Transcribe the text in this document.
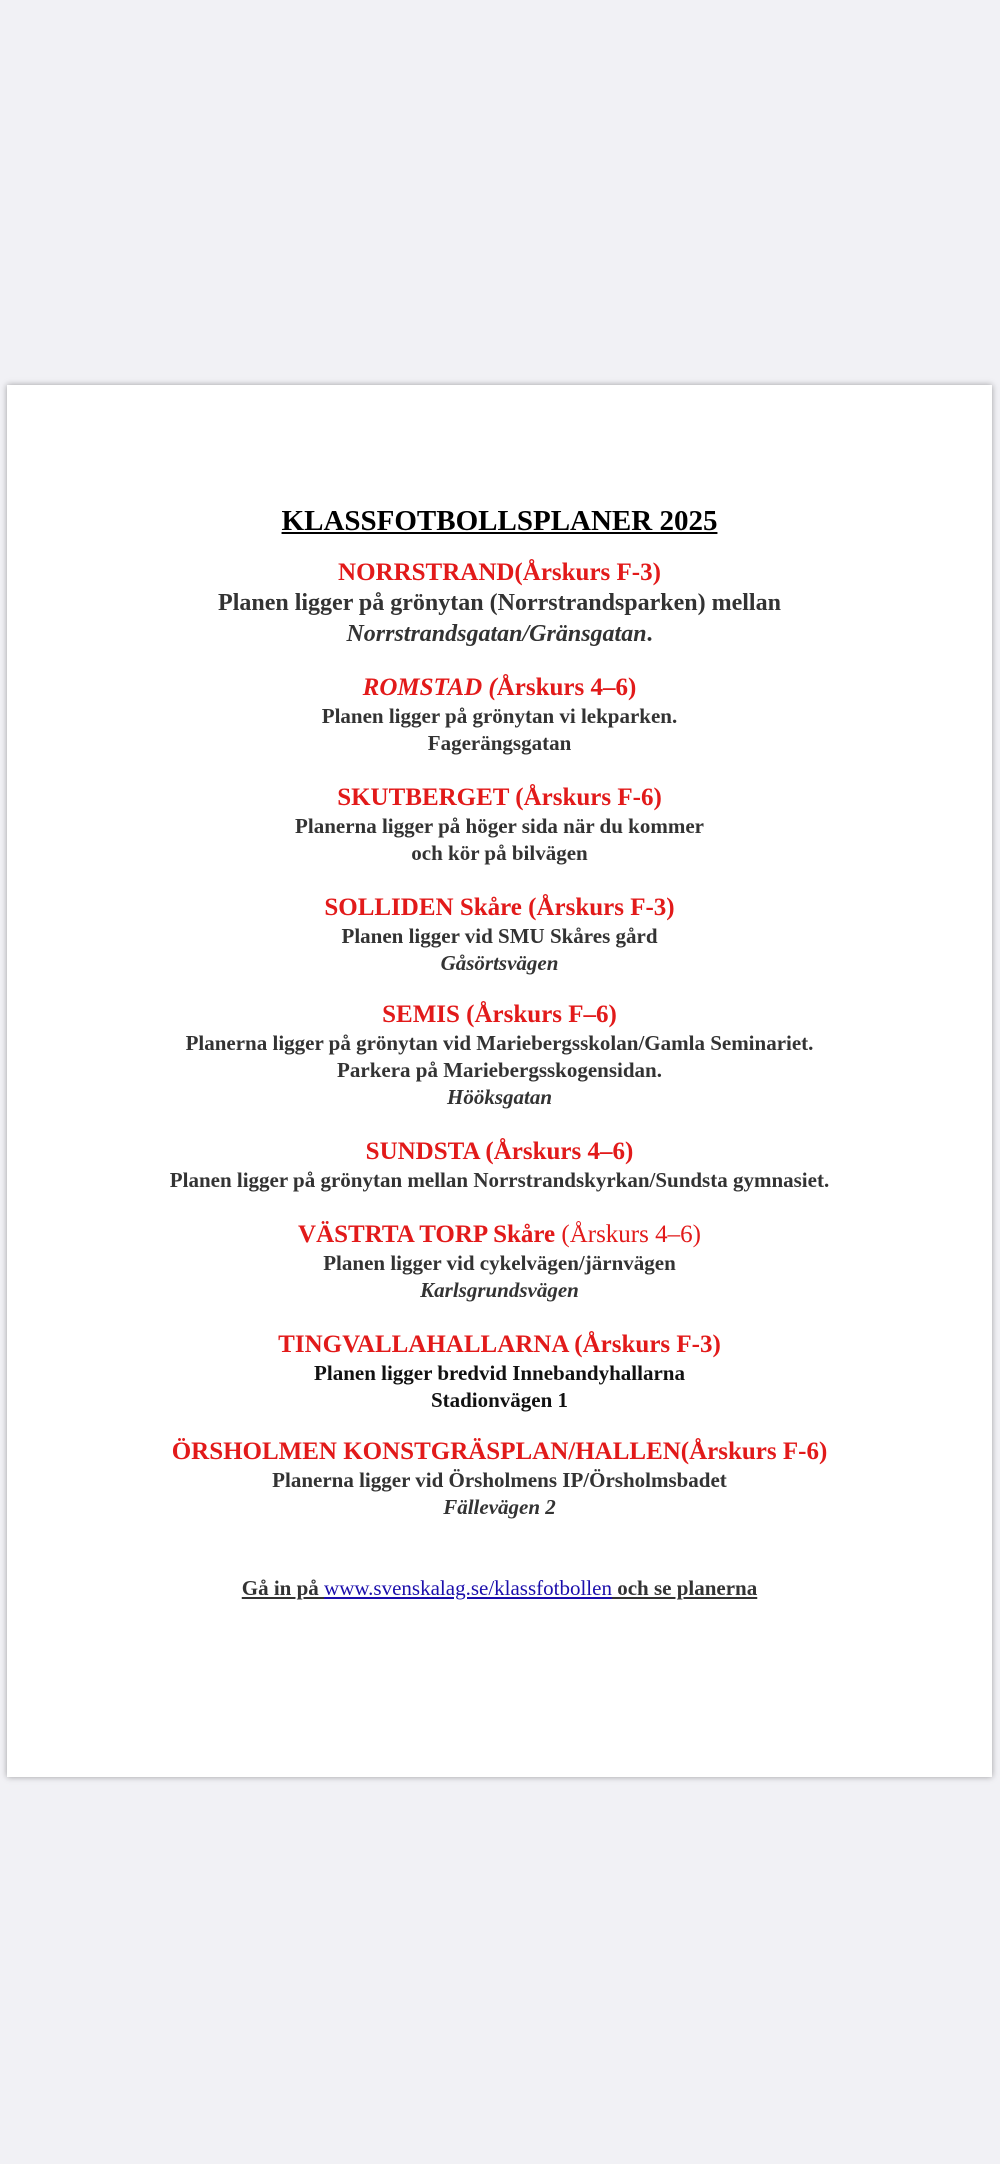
KLASSFOTBOLLSPLANER 2025
NORRSTRAND(Årskurs F-3)
Planen ligger på grönytan (Norrstrandsparken) mellan
Norrstrandsgatan/Gränsgatan.
ROMSTAD (Årskurs 4–6)
Planen ligger på grönytan vi lekparken.
Fagerängsgatan
SKUTBERGET (Årskurs F-6)
Planerna ligger på höger sida när du kommer
och kör på bilvägen
SOLLIDEN Skåre (Årskurs F-3)
Planen ligger vid SMU Skåres gård
Gåsörtsvägen
SEMIS (Årskurs F–6)
Planerna ligger på grönytan vid Mariebergsskolan/Gamla Seminariet.
Parkera på Mariebergsskogensidan.
Hööksgatan
SUNDSTA (Årskurs 4–6)
Planen ligger på grönytan mellan Norrstrandskyrkan/Sundsta gymnasiet.
VÄSTRTA TORP Skåre (Årskurs 4–6)
Planen ligger vid cykelvägen/järnvägen
Karlsgrundsvägen
TINGVALLAHALLARNA (Årskurs F-3)
Planen ligger bredvid Innebandyhallarna
Stadionvägen 1
ÖRSHOLMEN KONSTGRÄSPLAN/HALLEN(Årskurs F-6)
Planerna ligger vid Örsholmens IP/Örsholmsbadet
Fällevägen 2
Gå in på www.svenskalag.se/klassfotbollen och se planerna
